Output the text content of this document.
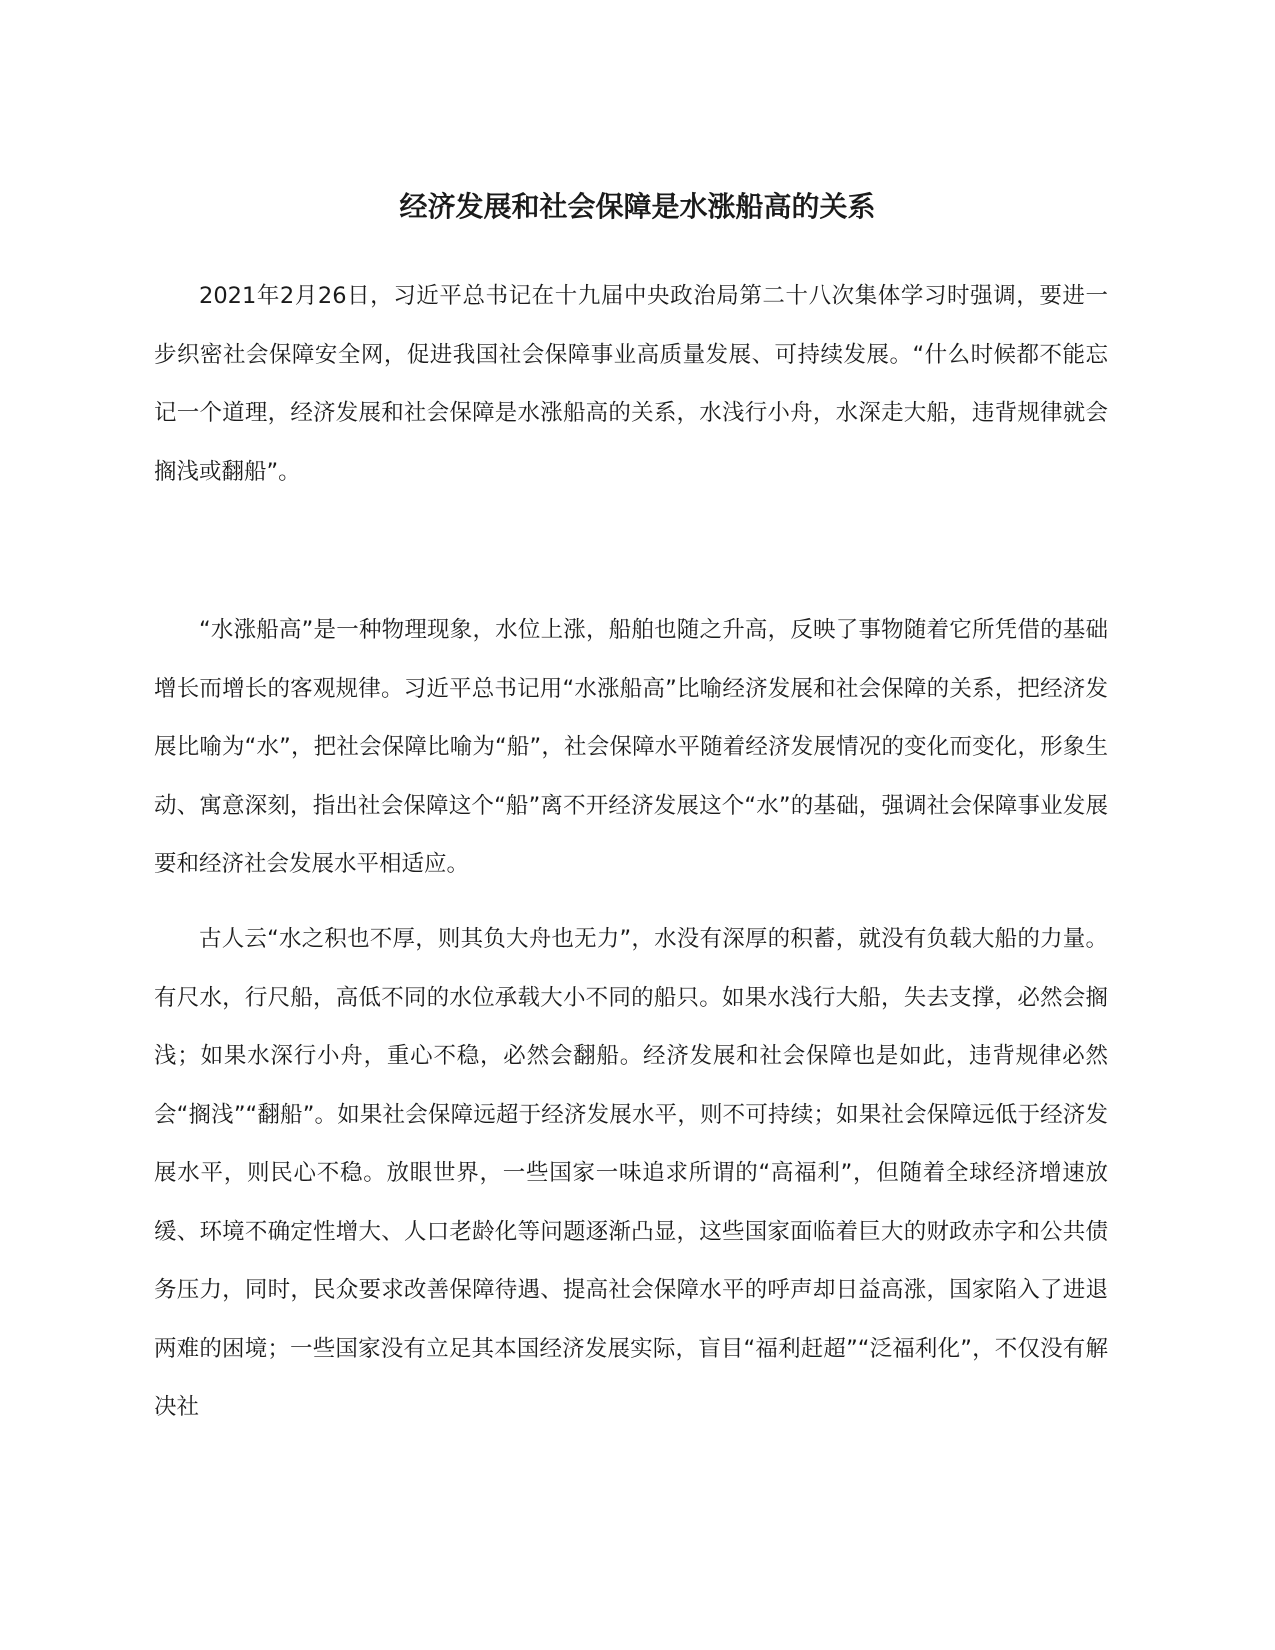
经济发展和社会保障是水涨船高的关系

2021年2月26日，习近平总书记在十九届中央政治局第二十八次集体学习时强调，要进一步织密社会保障安全网，促进我国社会保障事业高质量发展、可持续发展。“什么时候都不能忘记一个道理，经济发展和社会保障是水涨船高的关系，水浅行小舟，水深走大船，违背规律就会搁浅或翻船”。

“水涨船高”是一种物理现象，水位上涨，船舶也随之升高，反映了事物随着它所凭借的基础增长而增长的客观规律。习近平总书记用“水涨船高”比喻经济发展和社会保障的关系，把经济发展比喻为“水”，把社会保障比喻为“船”，社会保障水平随着经济发展情况的变化而变化，形象生动、寓意深刻，指出社会保障这个“船”离不开经济发展这个“水”的基础，强调社会保障事业发展要和经济社会发展水平相适应。

古人云“水之积也不厚，则其负大舟也无力”，水没有深厚的积蓄，就没有负载大船的力量。有尺水，行尺船，高低不同的水位承载大小不同的船只。如果水浅行大船，失去支撑，必然会搁浅；如果水深行小舟，重心不稳，必然会翻船。经济发展和社会保障也是如此，违背规律必然会“搁浅”“翻船”。如果社会保障远超于经济发展水平，则不可持续；如果社会保障远低于经济发展水平，则民心不稳。放眼世界，一些国家一味追求所谓的“高福利”，但随着全球经济增速放缓、环境不确定性增大、人口老龄化等问题逐渐凸显，这些国家面临着巨大的财政赤字和公共债务压力，同时，民众要求改善保障待遇、提高社会保障水平的呼声却日益高涨，国家陷入了进退两难的困境；一些国家没有立足其本国经济发展实际，盲目“福利赶超”“泛福利化”，不仅没有解决社
